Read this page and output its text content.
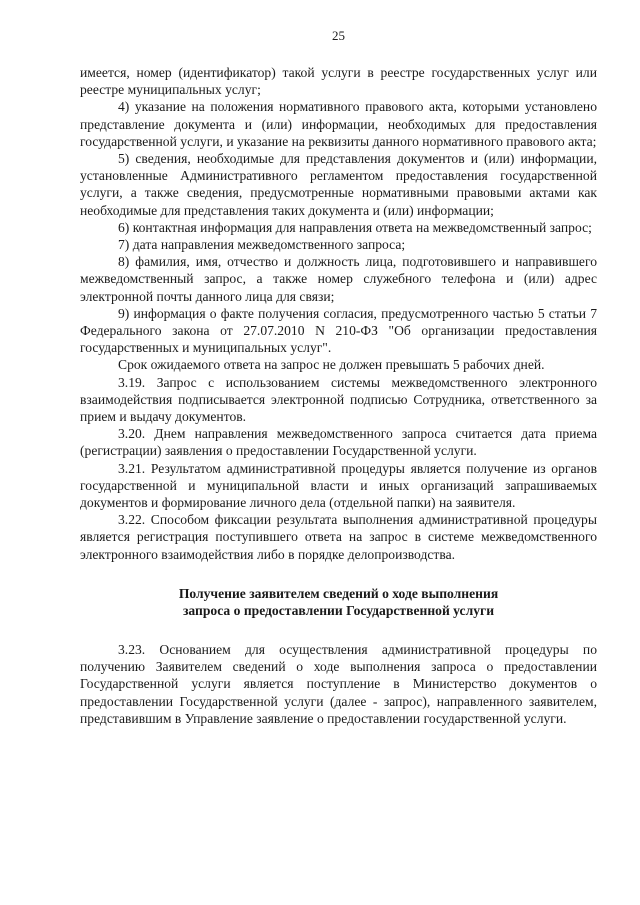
25

имеется, номер (идентификатор) такой услуги в реестре государственных услуг или реестре муниципальных услуг;

4) указание на положения нормативного правового акта, которыми установлено представление документа и (или) информации, необходимых для предоставления государственной услуги, и указание на реквизиты данного нормативного правового акта;

5) сведения, необходимые для представления документов и (или) информации, установленные Административного регламентом предоставления государственной услуги, а также сведения, предусмотренные нормативными правовыми актами как необходимые для представления таких документа и (или) информации;

6) контактная информация для направления ответа на межведомственный запрос;

7) дата направления межведомственного запроса;

8) фамилия, имя, отчество и должность лица, подготовившего и направившего межведомственный запрос, а также номер служебного телефона и (или) адрес электронной почты данного лица для связи;

9) информация о факте получения согласия, предусмотренного частью 5 статьи 7 Федерального закона от 27.07.2010 N 210-ФЗ "Об организации предоставления государственных и муниципальных услуг".

Срок ожидаемого ответа на запрос не должен превышать 5 рабочих дней.

3.19. Запрос с использованием системы межведомственного электронного взаимодействия подписывается электронной подписью Сотрудника, ответственного за прием и выдачу документов.

3.20. Днем направления межведомственного запроса считается дата приема (регистрации) заявления о предоставлении Государственной услуги.

3.21. Результатом административной процедуры является получение из органов государственной и муниципальной власти и иных организаций запрашиваемых документов и формирование личного дела (отдельной папки) на заявителя.

3.22. Способом фиксации результата выполнения административной процедуры является регистрация поступившего ответа на запрос в системе межведомственного электронного взаимодействия либо в порядке делопроизводства.

Получение заявителем сведений о ходе выполнения
запроса о предоставлении Государственной услуги

3.23. Основанием для осуществления административной процедуры по получению Заявителем сведений о ходе выполнения запроса о предоставлении Государственной услуги является поступление в Министерство документов о предоставлении Государственной услуги (далее - запрос), направленного заявителем, представившим в Управление заявление о предоставлении государственной услуги.
